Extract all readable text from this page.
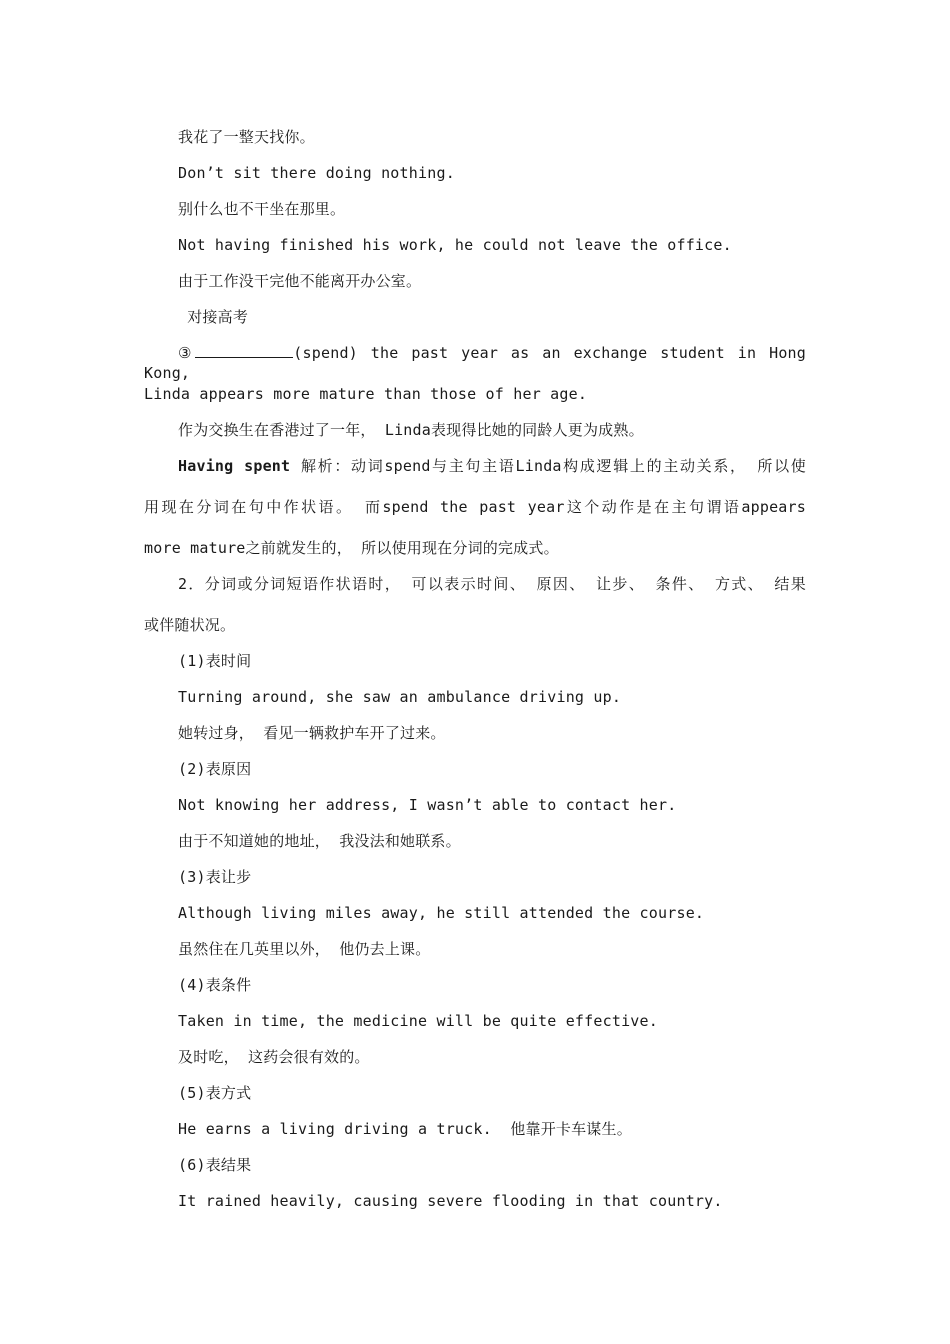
我花了一整天找你。
Don’t sit there doing nothing.
别什么也不干坐在那里。
Not having finished his work, he could not leave the office.
由于工作没干完他不能离开办公室。
对接高考
③	(spend) the past year as an exchange student in Hong Kong,
Linda appears more mature than those of her age.
作为交换生在香港过了一年， Linda表现得比她的同龄人更为成熟。
Having spent 解析：动词spend与主句主语Linda构成逻辑上的主动关系， 所以使
用现在分词在句中作状语。 而spend the past year这个动作是在主句谓语appears
more mature之前就发生的， 所以使用现在分词的完成式。
2．分词或分词短语作状语时， 可以表示时间、 原因、 让步、 条件、 方式、 结果
或伴随状况。
(1)表时间
Turning around, she saw an ambulance driving up.
她转过身， 看见一辆救护车开了过来。
(2)表原因
Not knowing her address, I wasn’t able to contact her.
由于不知道她的地址， 我没法和她联系。
(3)表让步
Although living miles away, he still attended the course.
虽然住在几英里以外， 他仍去上课。
(4)表条件
Taken in time, the medicine will be quite effective.
及时吃， 这药会很有效的。
(5)表方式
He earns a living driving a truck.  他靠开卡车谋生。
(6)表结果
It rained heavily, causing severe flooding in that country.
